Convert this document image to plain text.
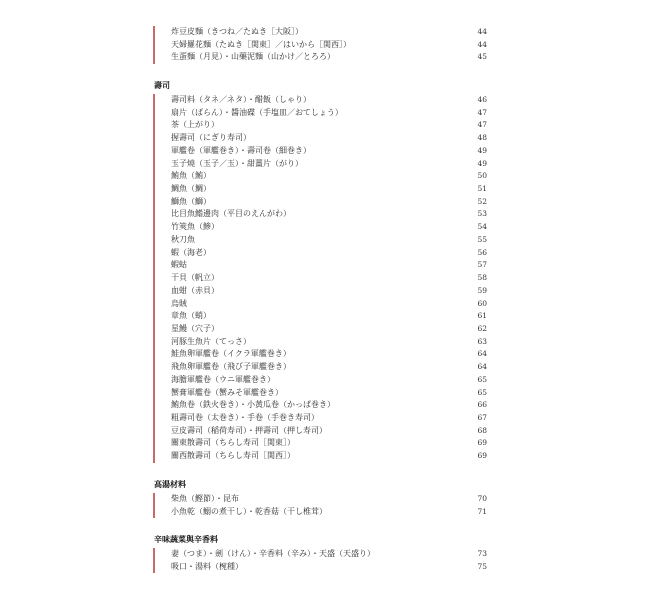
炸豆皮麵（きつね／たぬき［大阪］）	44
天婦羅花麵（たぬき［関東］／はいから［関西］）	44
生蛋麵（月見）・山藥泥麵（山かけ／とろろ）	45
壽司
壽司料（タネ／ネタ）・醋飯（しゃり）	46
扇片（ばらん）・醬油碟（手塩皿／おてしょう）	47
茶（上がり）	47
握壽司（にぎり寿司）	48
軍艦卷（軍艦巻き）・壽司卷（細巻き）	49
玉子燒（玉子／玉）・甜薑片（がり）	49
鮪魚（鮪）	50
鯛魚（鯛）	51
鰤魚（鰤）	52
比目魚鰭邊肉（平目のえんがわ）	53
竹筴魚（鯵）	54
秋刀魚	55
蝦（海老）	56
蝦蛄	57
干貝（帆立）	58
血蚶（赤貝）	59
烏賊	60
章魚（蛸）	61
星鰻（穴子）	62
河豚生魚片（てっさ）	63
鮭魚卵軍艦卷（イクラ軍艦巻き）	64
飛魚卵軍艦卷（飛び子軍艦巻き）	64
海膽軍艦卷（ウニ軍艦巻き）	65
蟹膏軍艦卷（蟹みそ軍艦巻き）	65
鮪魚卷（鉄火巻き）・小黃瓜卷（かっぱ巻き）	66
粗壽司卷（太巻き）・手卷（手巻き寿司）	67
豆皮壽司（稲荷寿司）・押壽司（押し寿司）	68
關東散壽司（ちらし寿司［関東］）	69
關西散壽司（ちらし寿司［関西］）	69
高湯材料
柴魚（鰹節）・昆布	70
小魚乾（鰯の煮干し）・乾香菇（干し椎茸）	71
辛味蔬菜與辛香料
妻（つま）・劍（けん）・辛香料（辛み）・天盛（天盛り）	73
吸口・湯料（椀種）	75
